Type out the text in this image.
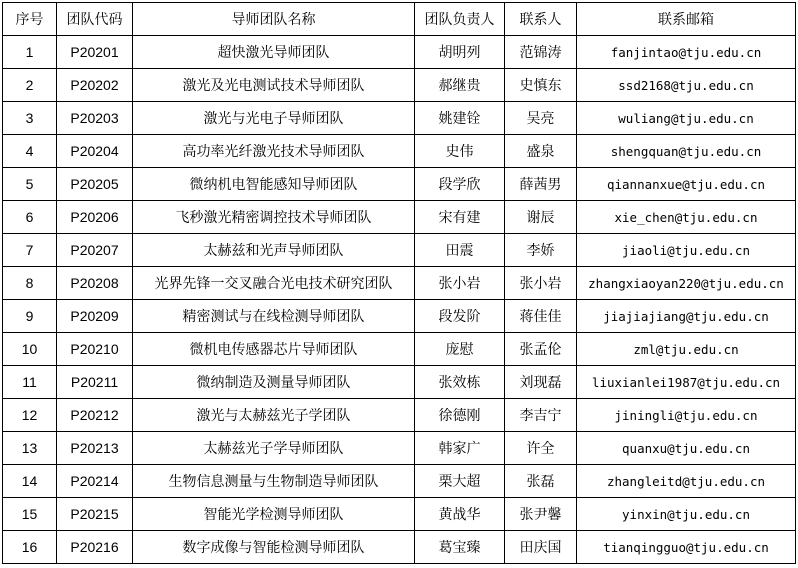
序号	团队代码	导师团队名称	团队负责人	联系人	联系邮箱
1	P20201	超快激光导师团队	胡明列	范锦涛	fanjintao@tju.edu.cn
2	P20202	激光及光电测试技术导师团队	郝继贵	史慎东	ssd2168@tju.edu.cn
3	P20203	激光与光电子导师团队	姚建铨	吴亮	wuliang@tju.edu.cn
4	P20204	高功率光纤激光技术导师团队	史伟	盛泉	shengquan@tju.edu.cn
5	P20205	微纳机电智能感知导师团队	段学欣	薛茜男	qiannanxue@tju.edu.cn
6	P20206	飞秒激光精密调控技术导师团队	宋有建	谢辰	xie_chen@tju.edu.cn
7	P20207	太赫兹和光声导师团队	田震	李娇	jiaoli@tju.edu.cn
8	P20208	光界先锋一交叉融合光电技术研究团队	张小岩	张小岩	zhangxiaoyan220@tju.edu.cn
9	P20209	精密测试与在线检测导师团队	段发阶	蒋佳佳	jiajiajiang@tju.edu.cn
10	P20210	微机电传感器芯片导师团队	庞慰	张孟伦	zml@tju.edu.cn
11	P20211	微纳制造及测量导师团队	张效栋	刘现磊	liuxianlei1987@tju.edu.cn
12	P20212	激光与太赫兹光子学团队	徐德刚	李吉宁	jiningli@tju.edu.cn
13	P20213	太赫兹光子学导师团队	韩家广	许全	quanxu@tju.edu.cn
14	P20214	生物信息测量与生物制造导师团队	栗大超	张磊	zhangleitd@tju.edu.cn
15	P20215	智能光学检测导师团队	黄战华	张尹馨	yinxin@tju.edu.cn
16	P20216	数字成像与智能检测导师团队	葛宝臻	田庆国	tianqingguo@tju.edu.cn
